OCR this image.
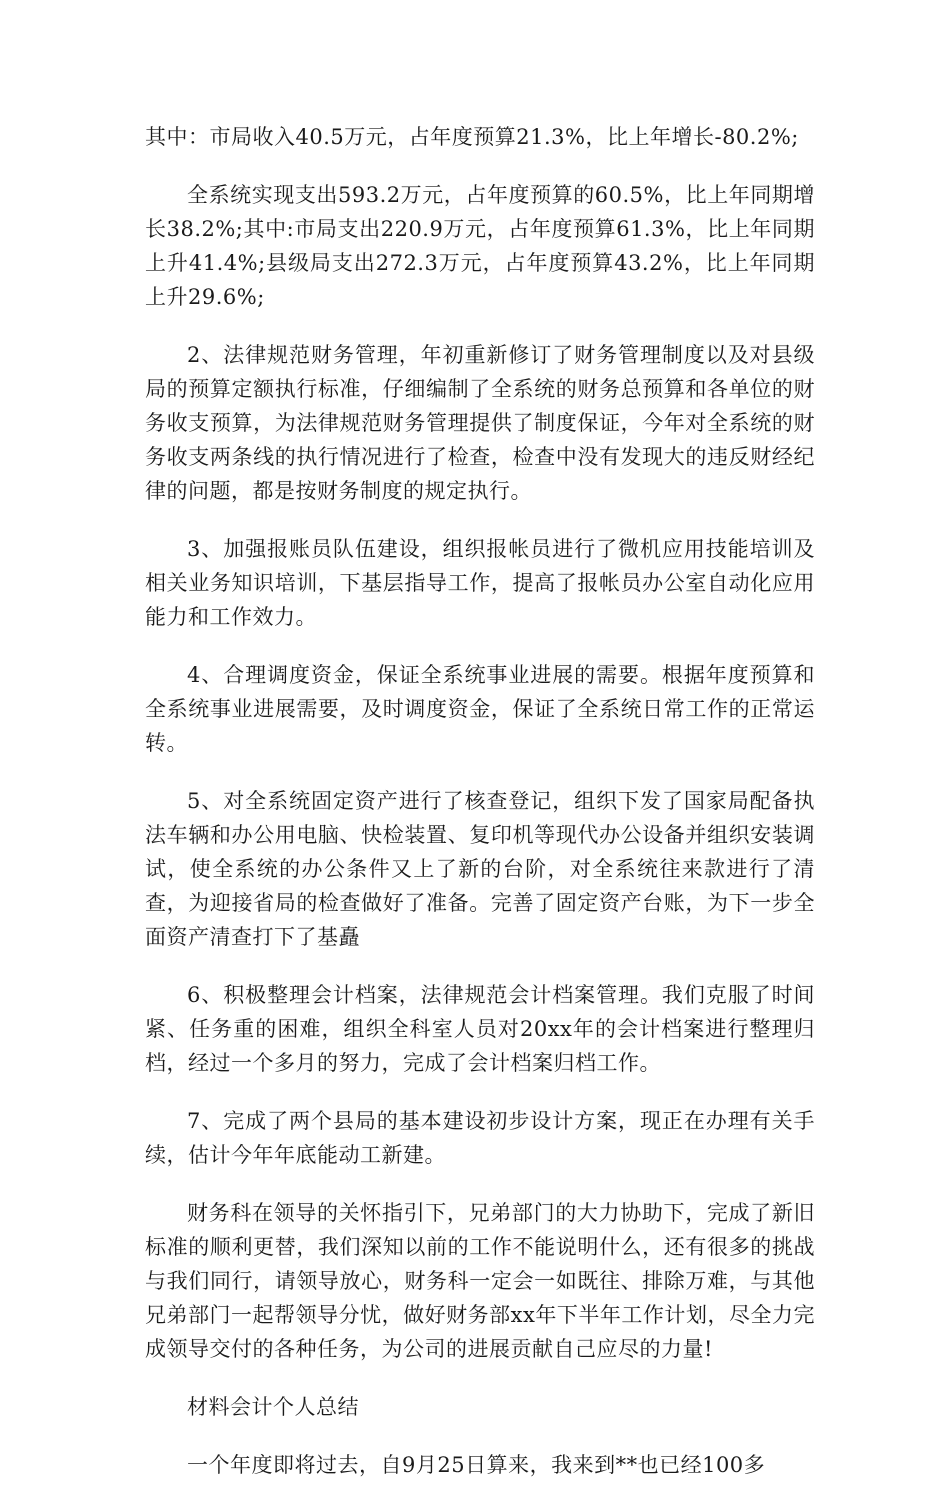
其中：市局收入40.5万元，占年度预算21.3%，比上年增长-80.2%;

全系统实现支出593.2万元，占年度预算的60.5%，比上年同期增长38.2%;其中:市局支出220.9万元，占年度预算61.3%，比上年同期上升41.4%;县级局支出272.3万元，占年度预算43.2%，比上年同期上升29.6%;

2、法律规范财务管理，年初重新修订了财务管理制度以及对县级局的预算定额执行标准，仔细编制了全系统的财务总预算和各单位的财务收支预算，为法律规范财务管理提供了制度保证，今年对全系统的财务收支两条线的执行情况进行了检查，检查中没有发现大的违反财经纪律的问题，都是按财务制度的规定执行。

3、加强报账员队伍建设，组织报帐员进行了微机应用技能培训及相关业务知识培训，下基层指导工作，提高了报帐员办公室自动化应用能力和工作效力。

4、合理调度资金，保证全系统事业进展的需要。根据年度预算和全系统事业进展需要，及时调度资金，保证了全系统日常工作的正常运转。

5、对全系统固定资产进行了核查登记，组织下发了国家局配备执法车辆和办公用电脑、快检装置、复印机等现代办公设备并组织安装调试，使全系统的办公条件又上了新的台阶，对全系统往来款进行了清查，为迎接省局的检查做好了准备。完善了固定资产台账，为下一步全面资产清查打下了基矗

6、积极整理会计档案，法律规范会计档案管理。我们克服了时间紧、任务重的困难，组织全科室人员对20xx年的会计档案进行整理归档，经过一个多月的努力，完成了会计档案归档工作。

7、完成了两个县局的基本建设初步设计方案，现正在办理有关手续，估计今年年底能动工新建。

财务科在领导的关怀指引下，兄弟部门的大力协助下，完成了新旧标准的顺利更替，我们深知以前的工作不能说明什么，还有很多的挑战与我们同行，请领导放心，财务科一定会一如既往、排除万难，与其他兄弟部门一起帮领导分忧，做好财务部xx年下半年工作计划，尽全力完成领导交付的各种任务，为公司的进展贡献自己应尽的力量!

材料会计个人总结

一个年度即将过去，自9月25日算来，我来到**也已经100多
